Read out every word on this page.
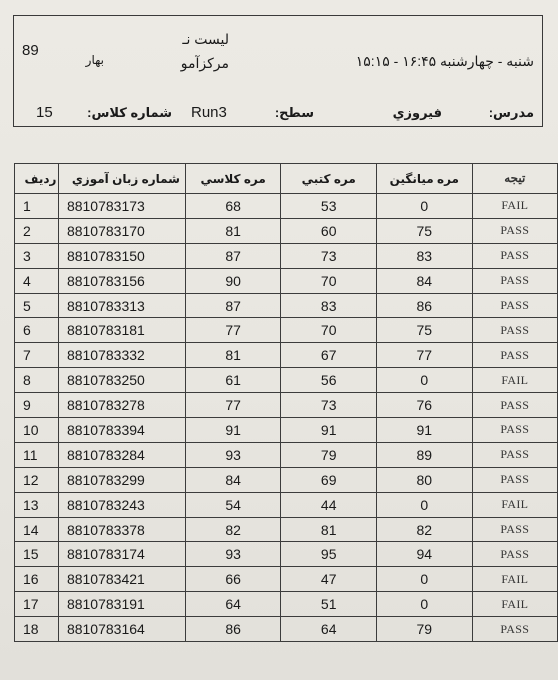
89
بهار
ليست نـ
مرکزآمو	شنبه - چهارشنبه ۱۶:۴۵ - ۱۵:۱۵
15	شماره کلاس: Run3	سطح:	فيروزي	مدرس:
رديف	شماره زبان آموزي	مره كلاسي	مره كتبي	مره ميانگين	تيجه
1	8810783173	68	53	0	FAIL
2	8810783170	81	60	75	PASS
3	8810783150	87	73	83	PASS
4	8810783156	90	70	84	PASS
5	8810783313	87	83	86	PASS
6	8810783181	77	70	75	PASS
7	8810783332	81	67	77	PASS
8	8810783250	61	56	0	FAIL
9	8810783278	77	73	76	PASS
10	8810783394	91	91	91	PASS
11	8810783284	93	79	89	PASS
12	8810783299	84	69	80	PASS
13	8810783243	54	44	0	FAIL
14	8810783378	82	81	82	PASS
15	8810783174	93	95	94	PASS
16	8810783421	66	47	0	FAIL
17	8810783191	64	51	0	FAIL
18	8810783164	86	64	79	PASS
